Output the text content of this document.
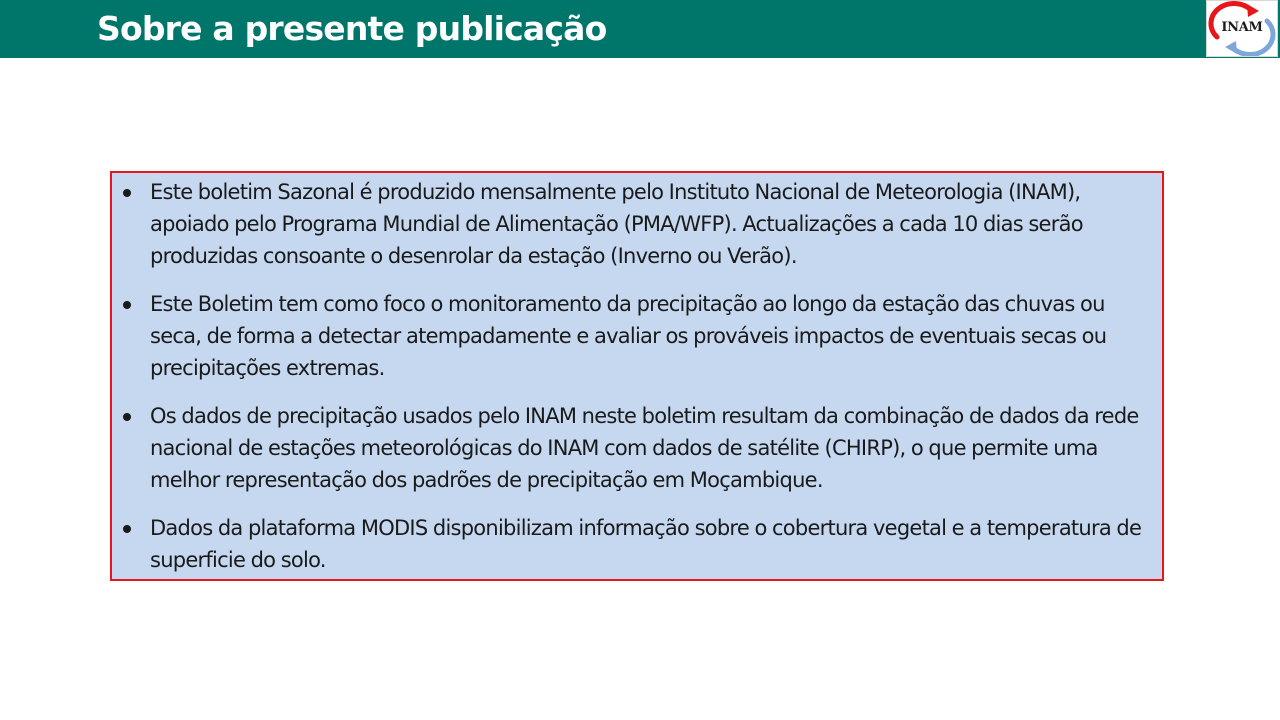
Sobre a presente publicação	INAM
Este boletim Sazonal é produzido mensalmente pelo Instituto Nacional de Meteorologia (INAM), apoiado pelo Programa Mundial de Alimentação (PMA/WFP). Actualizações a cada 10 dias serão produzidas consoante o desenrolar da estação (Inverno ou Verão).
Este Boletim tem como foco o monitoramento da precipitação ao longo da estação das chuvas ou seca, de forma a detectar atempadamente e avaliar os prováveis impactos de eventuais secas ou precipitações extremas.
Os dados de precipitação usados pelo INAM neste boletim resultam da combinação de dados da rede nacional de estações meteorológicas do INAM com dados de satélite (CHIRP), o que permite uma melhor representação dos padrões de precipitação em Moçambique.
Dados da plataforma MODIS disponibilizam informação sobre o cobertura vegetal e a temperatura de superficie do solo.
